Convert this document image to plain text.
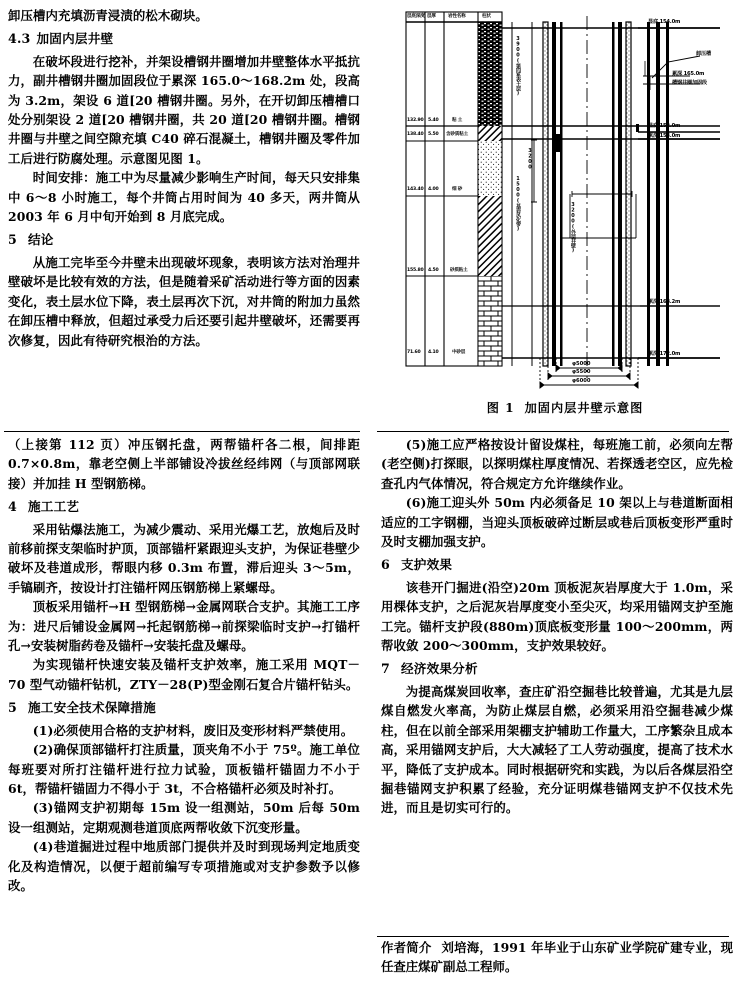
卸压槽内充填沥青浸渍的松木砌块。

4.3 加固内层井壁

在破坏段进行挖补，并架设槽钢井圈增加井壁整体水平抵抗力，副井槽钢井圈加固段位于累深 165.0～168.2m 处，段高为 3.2m，架设 6 道[20 槽钢井圈。另外，在开切卸压槽槽口处分别架设 2 道[20 槽钢井圈，共 20 道[20 槽钢井圈。槽钢井圈与井壁之间空隙充填 C40 碎石混凝土，槽钢井圈及零件加工后进行防腐处理。示意图见图 1。

时间安排：施工中为尽量减少影响生产时间，每天只安排集中 6～8 小时施工，每个井筒占用时间为 40 多天，两井筒从 2003 年 6 月中旬开始到 8 月底完成。

5 结论

从施工完毕至今井壁未出现破坏现象，表明该方法对治理井壁破坏是比较有效的方法，但是随着采矿活动进行等方面的因素变化，表土层水位下降，表土层再次下沉，对井筒的附加力虽然在卸压槽中释放，但超过承受力后还要引起井壁破坏，还需要再次修复，因此有待研究根治的方法。

层底深度 层厚	岩性名称	柱状
132.90 5.40	粘 土
138.40 5.50 含砂质粘土
143.40 4.00	细 砂
155.80 4.50 砂质粘土
71.60 4.10	中砂层
3900(第四系表土层)
1500(基岩风化带)	3200(外层井壁)
显底 154.0m
卸压槽
累深 165.0m
槽钢井圈加固段
显底 152.0m
累深 153.0m
累深 168.2m
累深 172.0m
3200
φ5000
φ5500
φ6000
图 1 加固内层井壁示意图

（上接第 112 页）冲压钢托盘，两帮锚杆各二根，间排距 0.7×0.8m，靠老空侧上半部铺设冷拔丝经纬网（与顶部网联接）并加挂 H 型钢筋梯。

4 施工工艺

采用钻爆法施工，为减少震动、采用光爆工艺，放炮后及时前移前探支架临时护顶，顶部锚杆紧跟迎头支护，为保证巷壁少破坏及巷道成形，帮眼内移 0.3m 布置，滞后迎头 3～5m，手镐刷齐，按设计打注锚杆网压钢筋梯上紧螺母。

顶板采用锚杆→H 型钢筋梯→金属网联合支护。其施工工序为：进尺后铺设金属网→托起钢筋梯→前探梁临时支护→打锚杆孔→安装树脂药卷及锚杆→安装托盘及螺母。

为实现锚杆快速安装及锚杆支护效率，施工采用 MQT－70 型气动锚杆钻机，ZTY－28(P)型金刚石复合片锚杆钻头。

5 施工安全技术保障措施

(1)必须使用合格的支护材料，废旧及变形材料严禁使用。

(2)确保顶部锚杆打注质量，顶夹角不小于 75º。施工单位每班要对所打注锚杆进行拉力试验，顶板锚杆锚固力不小于 6t，帮锚杆锚固力不得小于 3t，不合格锚杆必须及时补打。

(3)锚网支护初期每 15m 设一组测站，50m 后每 50m 设一组测站，定期观测巷道顶底两帮收敛下沉变形量。

(4)巷道掘进过程中地质部门提供并及时到现场判定地质变化及构造情况，以便于超前编写专项措施或对支护参数予以修改。

(5)施工应严格按设计留设煤柱，每班施工前，必须向左帮(老空侧)打探眼，以探明煤柱厚度情况、若探透老空区，应先检查孔内气体情况，符合规定方允许继续作业。

(6)施工迎头外 50m 内必须备足 10 架以上与巷道断面相适应的工字钢棚，当迎头顶板破碎过断层或巷后顶板变形严重时及时支棚加强支护。

6 支护效果

该巷开门掘进(沿空)20m 顶板泥灰岩厚度大于 1.0m，采用棵体支护，之后泥灰岩厚度变小至尖灭，均采用锚网支护至施工完。锚杆支护段(880m)顶底板变形量 100～200mm，两帮收敛 200～300mm，支护效果较好。

7 经济效果分析

为提高煤炭回收率，查庄矿沿空掘巷比较普遍，尤其是九层煤自燃发火率高，为防止煤层自燃，必须采用沿空掘巷减少煤柱，但在以前全部采用架棚支护辅助工作量大，工序繁杂且成本高，采用锚网支护后，大大减轻了工人劳动强度，提高了技术水平，降低了支护成本。同时根据研究和实践，为以后各煤层沿空掘巷锚网支护积累了经验，充分证明煤巷锚网支护不仅技术先进，而且是切实可行的。

作者简介 刘培海，1991 年毕业于山东矿业学院矿建专业，现任查庄煤矿副总工程师。
